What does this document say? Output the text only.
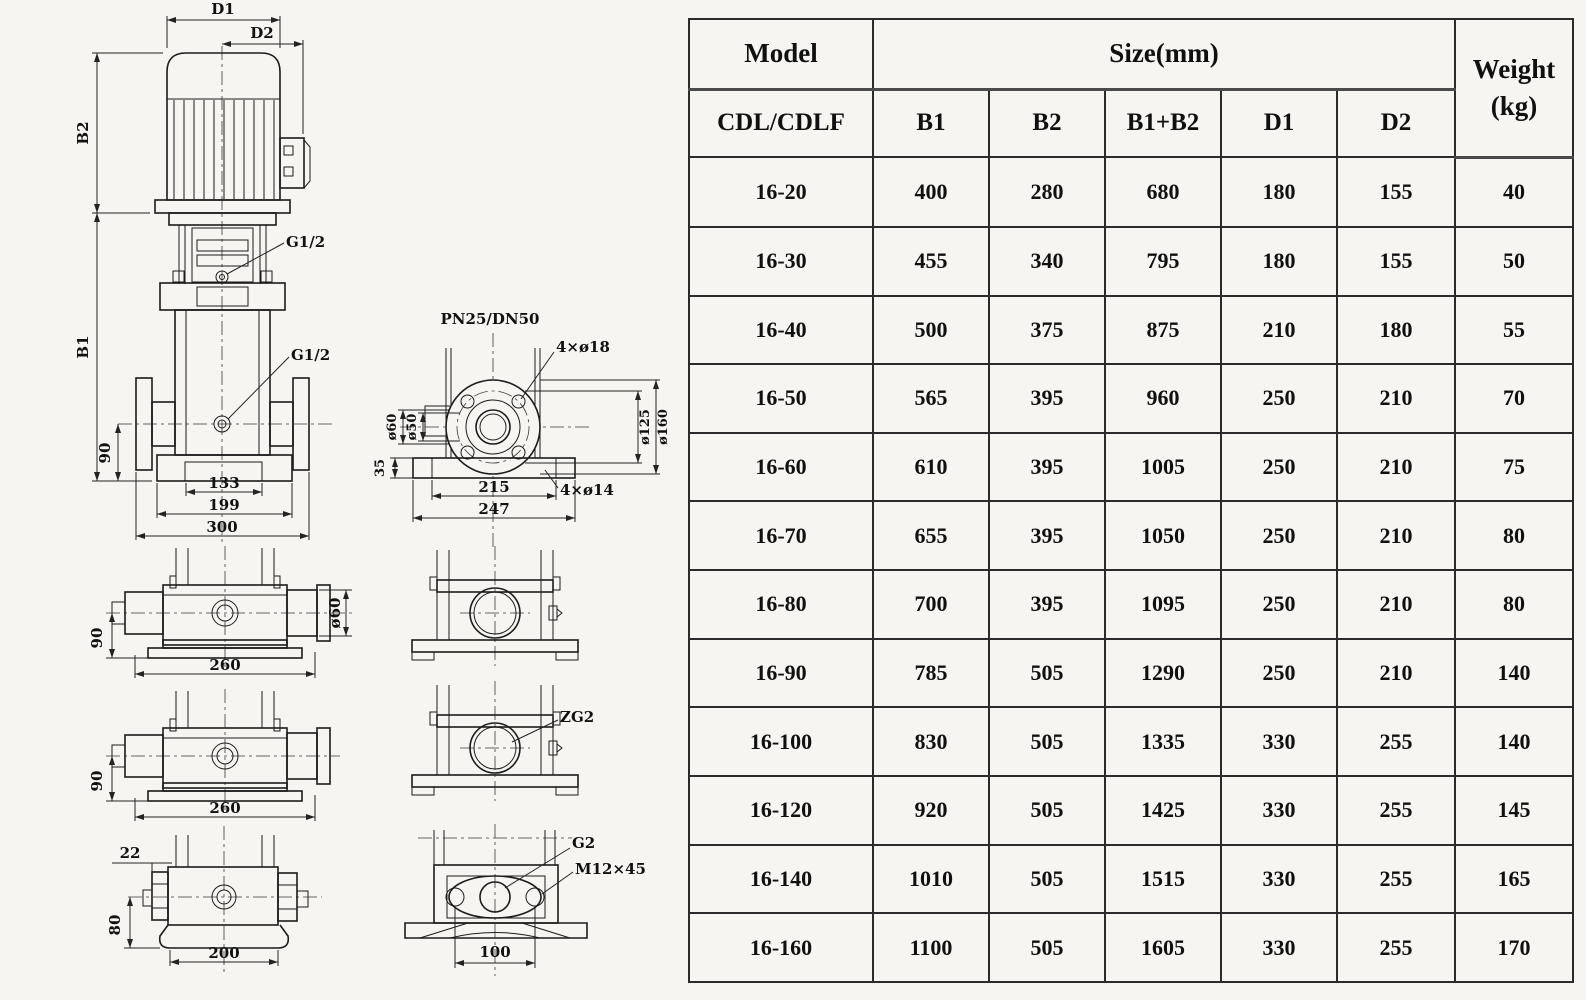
G1/2
G1/2
D1
D2
B2
B1
90
133
199
300
90
260
ø60
90
260
22
80
200
PN25/DN50
4×ø18
ø60 ø50	ø125 ø160
35
215
247
4×ø14
ZG2
G2
M12×45
100
Model	Size(mm)					Weight
(kg)

CDL/CDLF	B1	B2	B1+B2	D1	D2	
16-20	400	280	680	180	155	40
16-30	455	340	795	180	155	50
16-40	500	375	875	210	180	55
16-50	565	395	960	250	210	70
16-60	610	395	1005	250	210	75
16-70	655	395	1050	250	210	80
16-80	700	395	1095	250	210	80
16-90	785	505	1290	250	210	140
16-100	830	505	1335	330	255	140
16-120	920	505	1425	330	255	145
16-140	1010	505	1515	330	255	165
16-160	1100	505	1605	330	255	170
